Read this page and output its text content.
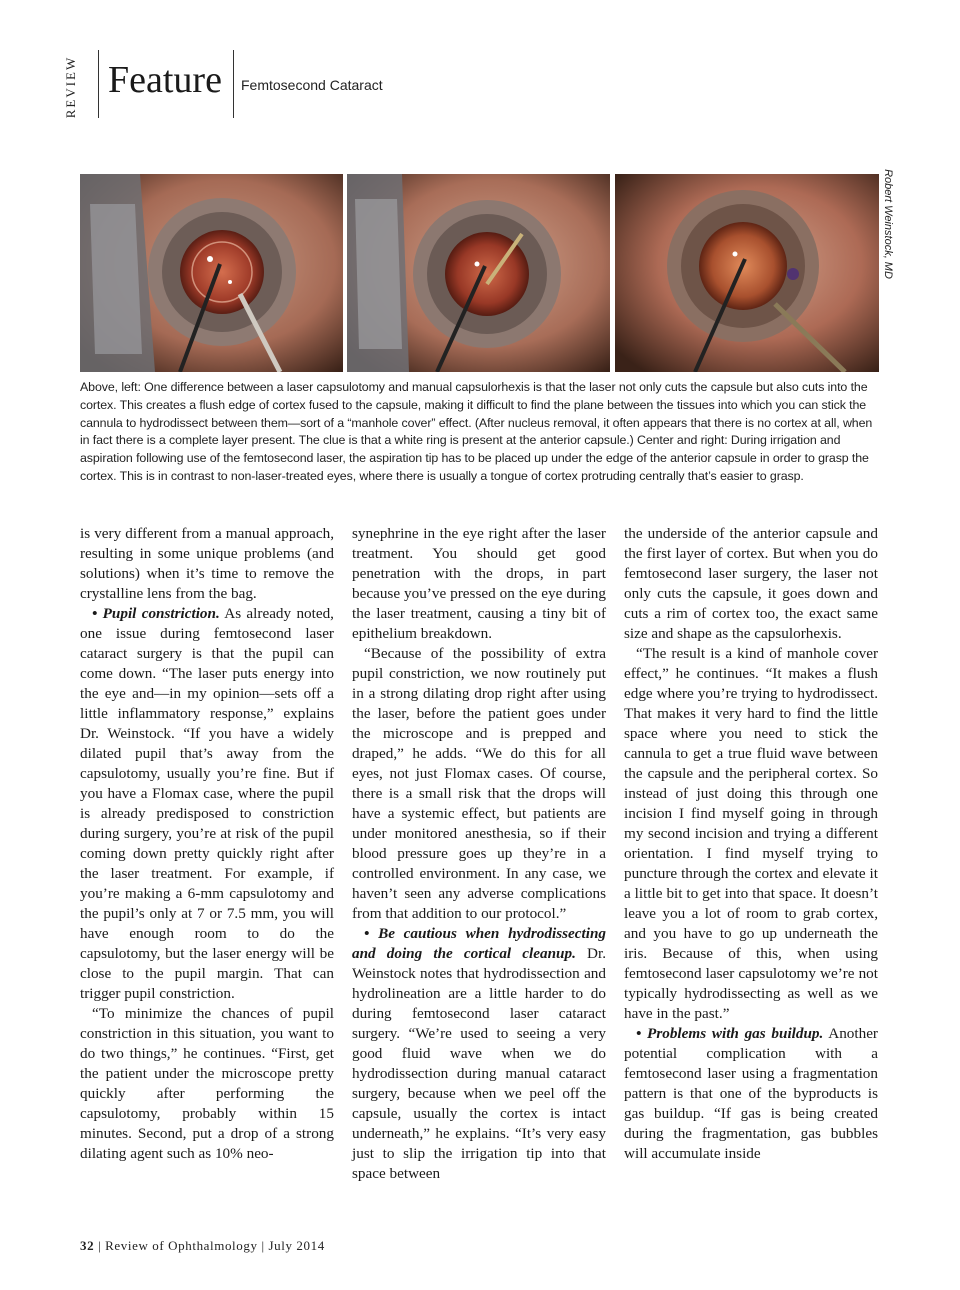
REVIEW Feature Femtosecond Cataract
Robert Weinstock, MD

Above, left: One difference between a laser capsulotomy and manual capsulorhexis is that the laser not only cuts the capsule but also cuts into the cortex. This creates a flush edge of cortex fused to the capsule, making it difficult to find the plane between the tissues into which you can stick the cannula to hydrodissect between them—sort of a “manhole cover” effect. (After nucleus removal, it often appears that there is no cortex at all, when in fact there is a complete layer present. The clue is that a white ring is present at the anterior capsule.) Center and right: During irrigation and aspiration following use of the femtosecond laser, the aspiration tip has to be placed up under the edge of the anterior capsule in order to grasp the cortex. This is in contrast to non-laser-treated eyes, where there is usually a tongue of cortex protruding centrally that’s easier to grasp.

is very different from a manual approach, resulting in some unique problems (and solutions) when it’s time to remove the crystalline lens from the bag.

• Pupil constriction. As already noted, one issue during femtosecond laser cataract surgery is that the pupil can come down. “The laser puts energy into the eye and—in my opinion—sets off a little inflammatory response,” explains Dr. Weinstock. “If you have a widely dilated pupil that’s away from the capsulotomy, usually you’re fine. But if you have a Flomax case, where the pupil is already predisposed to constriction during surgery, you’re at risk of the pupil coming down pretty quickly right after the laser treatment. For example, if you’re making a 6-mm capsulotomy and the pupil’s only at 7 or 7.5 mm, you will have enough room to do the capsulotomy, but the laser energy will be close to the pupil margin. That can trigger pupil constriction.

“To minimize the chances of pupil constriction in this situation, you want to do two things,” he continues. “First, get the patient under the microscope pretty quickly after performing the capsulotomy, probably within 15 minutes. Second, put a drop of a strong dilating agent such as 10% neo-

synephrine in the eye right after the laser treatment. You should get good penetration with the drops, in part because you’ve pressed on the eye during the laser treatment, causing a tiny bit of epithelium breakdown.

“Because of the possibility of extra pupil constriction, we now routinely put in a strong dilating drop right after using the laser, before the patient goes under the microscope and is prepped and draped,” he adds. “We do this for all eyes, not just Flomax cases. Of course, there is a small risk that the drops will have a systemic effect, but patients are under monitored anesthesia, so if their blood pressure goes up they’re in a controlled environment. In any case, we haven’t seen any adverse complications from that addition to our protocol.”

• Be cautious when hydrodissecting and doing the cortical cleanup. Dr. Weinstock notes that hydrodissection and hydrolineation are a little harder to do during femtosecond laser cataract surgery. “We’re used to seeing a very good fluid wave when we do hydrodissection during manual cataract surgery, because when we peel off the capsule, usually the cortex is intact underneath,” he explains. “It’s very easy just to slip the irrigation tip into that space between

the underside of the anterior capsule and the first layer of cortex. But when you do femtosecond laser surgery, the laser not only cuts the capsule, it goes down and cuts a rim of cortex too, the exact same size and shape as the capsulorhexis.

“The result is a kind of manhole cover effect,” he continues. “It makes a flush edge where you’re trying to hydrodissect. That makes it very hard to find the little space where you need to stick the cannula to get a true fluid wave between the capsule and the peripheral cortex. So instead of just doing this through one incision I find myself going in through my second incision and trying a different orientation. I find myself trying to puncture through the cortex and elevate it a little bit to get into that space. It doesn’t leave you a lot of room to grab cortex, and you have to go up underneath the iris. Because of this, when using femtosecond laser capsulotomy we’re not typically hydrodissecting as well as we have in the past.”

• Problems with gas buildup. Another potential complication with a femtosecond laser using a fragmentation pattern is that one of the byproducts is gas buildup. “If gas is being created during the fragmentation, gas bubbles will accumulate inside

32 | Review of Ophthalmology | July 2014
